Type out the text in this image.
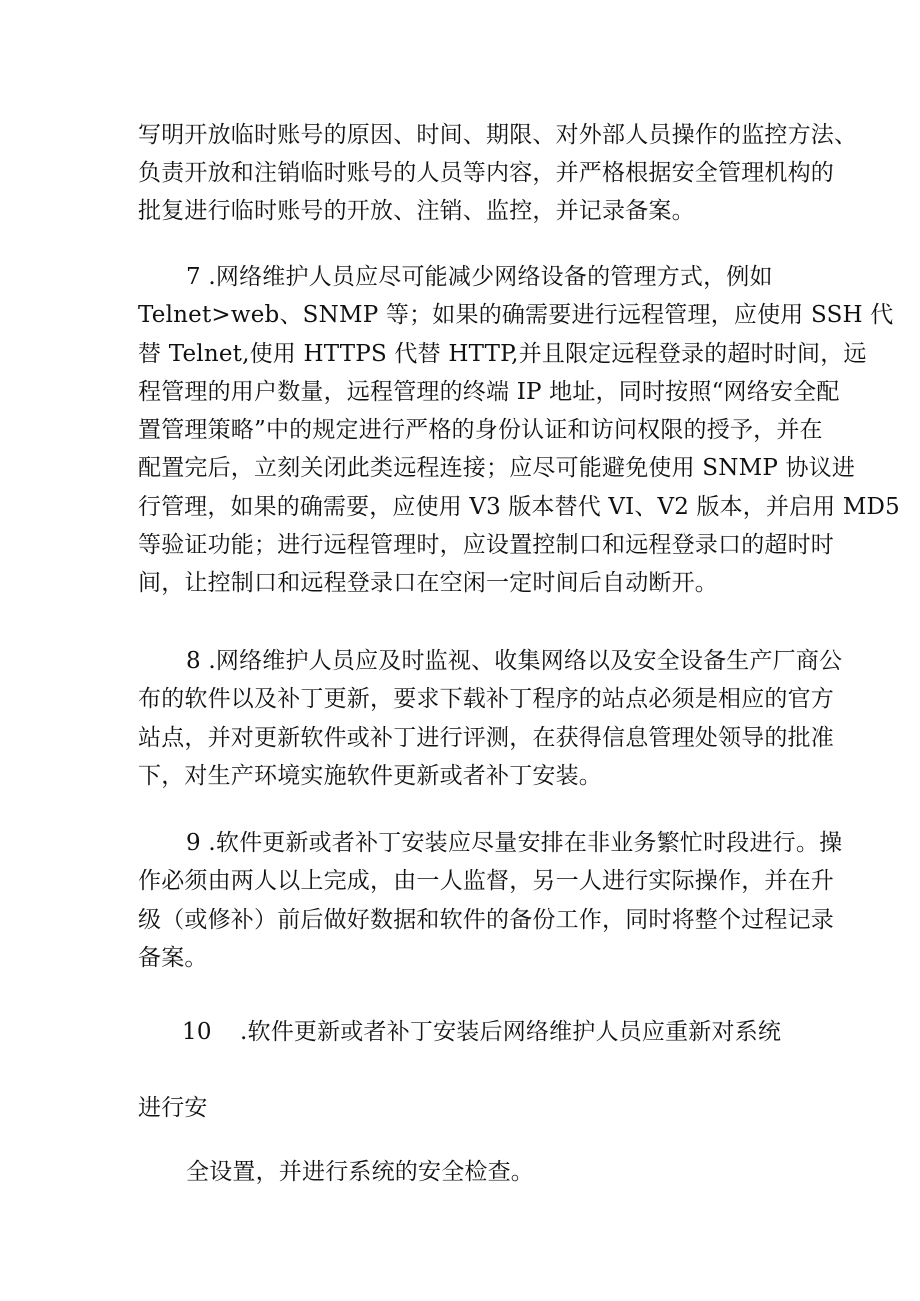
写明开放临时账号的原因、时间、期限、对外部人员操作的监控方法、

负责开放和注销临时账号的人员等内容，并严格根据安全管理机构的

批复进行临时账号的开放、注销、监控，并记录备案。

7 .网络维护人员应尽可能减少网络设备的管理方式，例如

Telnet>web、SNMP 等；如果的确需要进行远程管理，应使用 SSH 代

替 Telnet,使用 HTTPS 代替 HTTP,并且限定远程登录的超时时间，远

程管理的用户数量，远程管理的终端 IP 地址，同时按照“网络安全配

置管理策略”中的规定进行严格的身份认证和访问权限的授予，并在

配置完后，立刻关闭此类远程连接；应尽可能避免使用 SNMP 协议进

行管理，如果的确需要，应使用 V3 版本替代 VI、V2 版本，并启用 MD5

等验证功能；进行远程管理时，应设置控制口和远程登录口的超时时

间，让控制口和远程登录口在空闲一定时间后自动断开。

8 .网络维护人员应及时监视、收集网络以及安全设备生产厂商公

布的软件以及补丁更新，要求下载补丁程序的站点必须是相应的官方

站点，并对更新软件或补丁进行评测，在获得信息管理处领导的批准

下，对生产环境实施软件更新或者补丁安装。

9 .软件更新或者补丁安装应尽量安排在非业务繁忙时段进行。操

作必须由两人以上完成，由一人监督，另一人进行实际操作，并在升

级（或修补）前后做好数据和软件的备份工作，同时将整个过程记录

备案。

10 .软件更新或者补丁安装后网络维护人员应重新对系统

进行安

全设置，并进行系统的安全检查。
